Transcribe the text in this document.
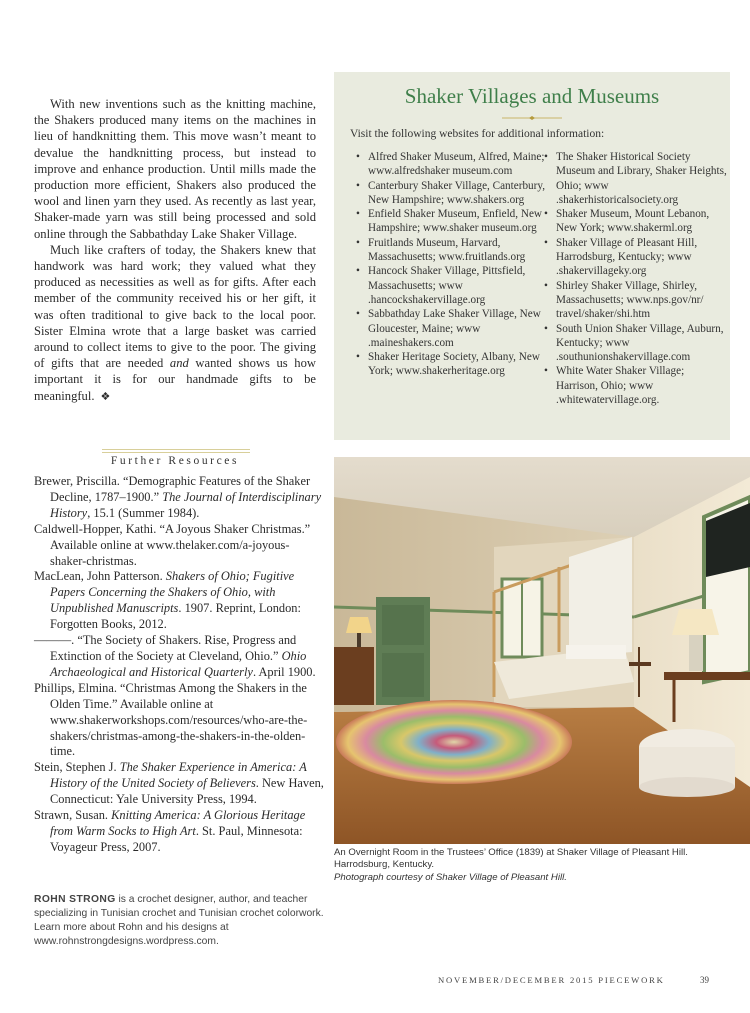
With new inventions such as the knitting machine, the Shakers produced many items on the machines in lieu of handknitting them. This move wasn’t meant to devalue the handknitting process, but instead to improve and enhance production. Until mills made the production more efficient, Shakers also produced the wool and linen yarn they used. As recently as last year, Shaker-made yarn was still being processed and sold online through the Sabbathday Lake Shaker Village.

Much like crafters of today, the Shakers knew that handwork was hard work; they valued what they produced as necessities as well as for gifts. After each member of the community received his or her gift, it was often traditional to give back to the local poor. Sister Elmina wrote that a large basket was carried around to collect items to give to the poor. The giving of gifts that are needed and wanted shows us how important it is for our handmade gifts to be meaningful. ❖

Further Resources

Brewer, Priscilla. “Demographic Features of the Shaker Decline, 1787–1900.” The Journal of Interdisciplinary History, 15.1 (Summer 1984).

Caldwell-Hopper, Kathi. “A Joyous Shaker Christmas.” Available online at www.thelaker.com/a-joyous-shaker-christmas.

MacLean, John Patterson. Shakers of Ohio; Fugitive Papers Concerning the Shakers of Ohio, with Unpublished Manuscripts. 1907. Reprint, London: Forgotten Books, 2012.

———. “The Society of Shakers. Rise, Progress and Extinction of the Society at Cleveland, Ohio.” Ohio Archaeological and Historical Quarterly. April 1900.

Phillips, Elmina. “Christmas Among the Shakers in the Olden Time.” Available online at www.shakerworkshops.com/resources/who-are-the-shakers/christmas-among-the-shakers-in-the-olden-time.

Stein, Stephen J. The Shaker Experience in America: A History of the United Society of Believers. New Haven, Connecticut: Yale University Press, 1994.

Strawn, Susan. Knitting America: A Glorious Heritage from Warm Socks to High Art. St. Paul, Minnesota: Voyageur Press, 2007.

ROHN STRONG is a crochet designer, author, and teacher specializing in Tunisian crochet and Tunisian crochet colorwork. Learn more about Rohn and his designs at www.rohnstrongdesigns.wordpress.com.
Shaker Villages and Museums
Visit the following websites for additional information:
• Alfred Shaker Museum, Alfred, Maine; www.alfredshaker museum.com
• Canterbury Shaker Village, Canterbury, New Hampshire; www.shakers.org
• Enfield Shaker Museum, Enfield, New Hampshire; www.shaker museum.org
• Fruitlands Museum, Harvard, Massachusetts; www.fruitlands.org
• Hancock Shaker Village, Pittsfield, Massachusetts; www .hancockshakervillage.org
• Sabbathday Lake Shaker Village, New Gloucester, Maine; www .maineshakers.com
• Shaker Heritage Society, Albany, New York; www.shakerheritage.org
• The Shaker Historical Society Museum and Library, Shaker Heights, Ohio; www .shakerhistoricalsociety.org
• Shaker Museum, Mount Lebanon, New York; www.shakerml.org
• Shaker Village of Pleasant Hill, Harrodsburg, Kentucky; www .shakervillageky.org
• Shirley Shaker Village, Shirley, Massachusetts; www.nps.gov/nr/ travel/shaker/shi.htm
• South Union Shaker Village, Auburn, Kentucky; www .southunionshakervillage.com
• White Water Shaker Village; Harrison, Ohio; www .whitewatervillage.org.
An Overnight Room in the Trustees’ Office (1839) at Shaker Village of Pleasant Hill.
Harrodsburg, Kentucky.
Photograph courtesy of Shaker Village of Pleasant Hill.
NOVEMBER/DECEMBER 2015 PIECEWORK	39
